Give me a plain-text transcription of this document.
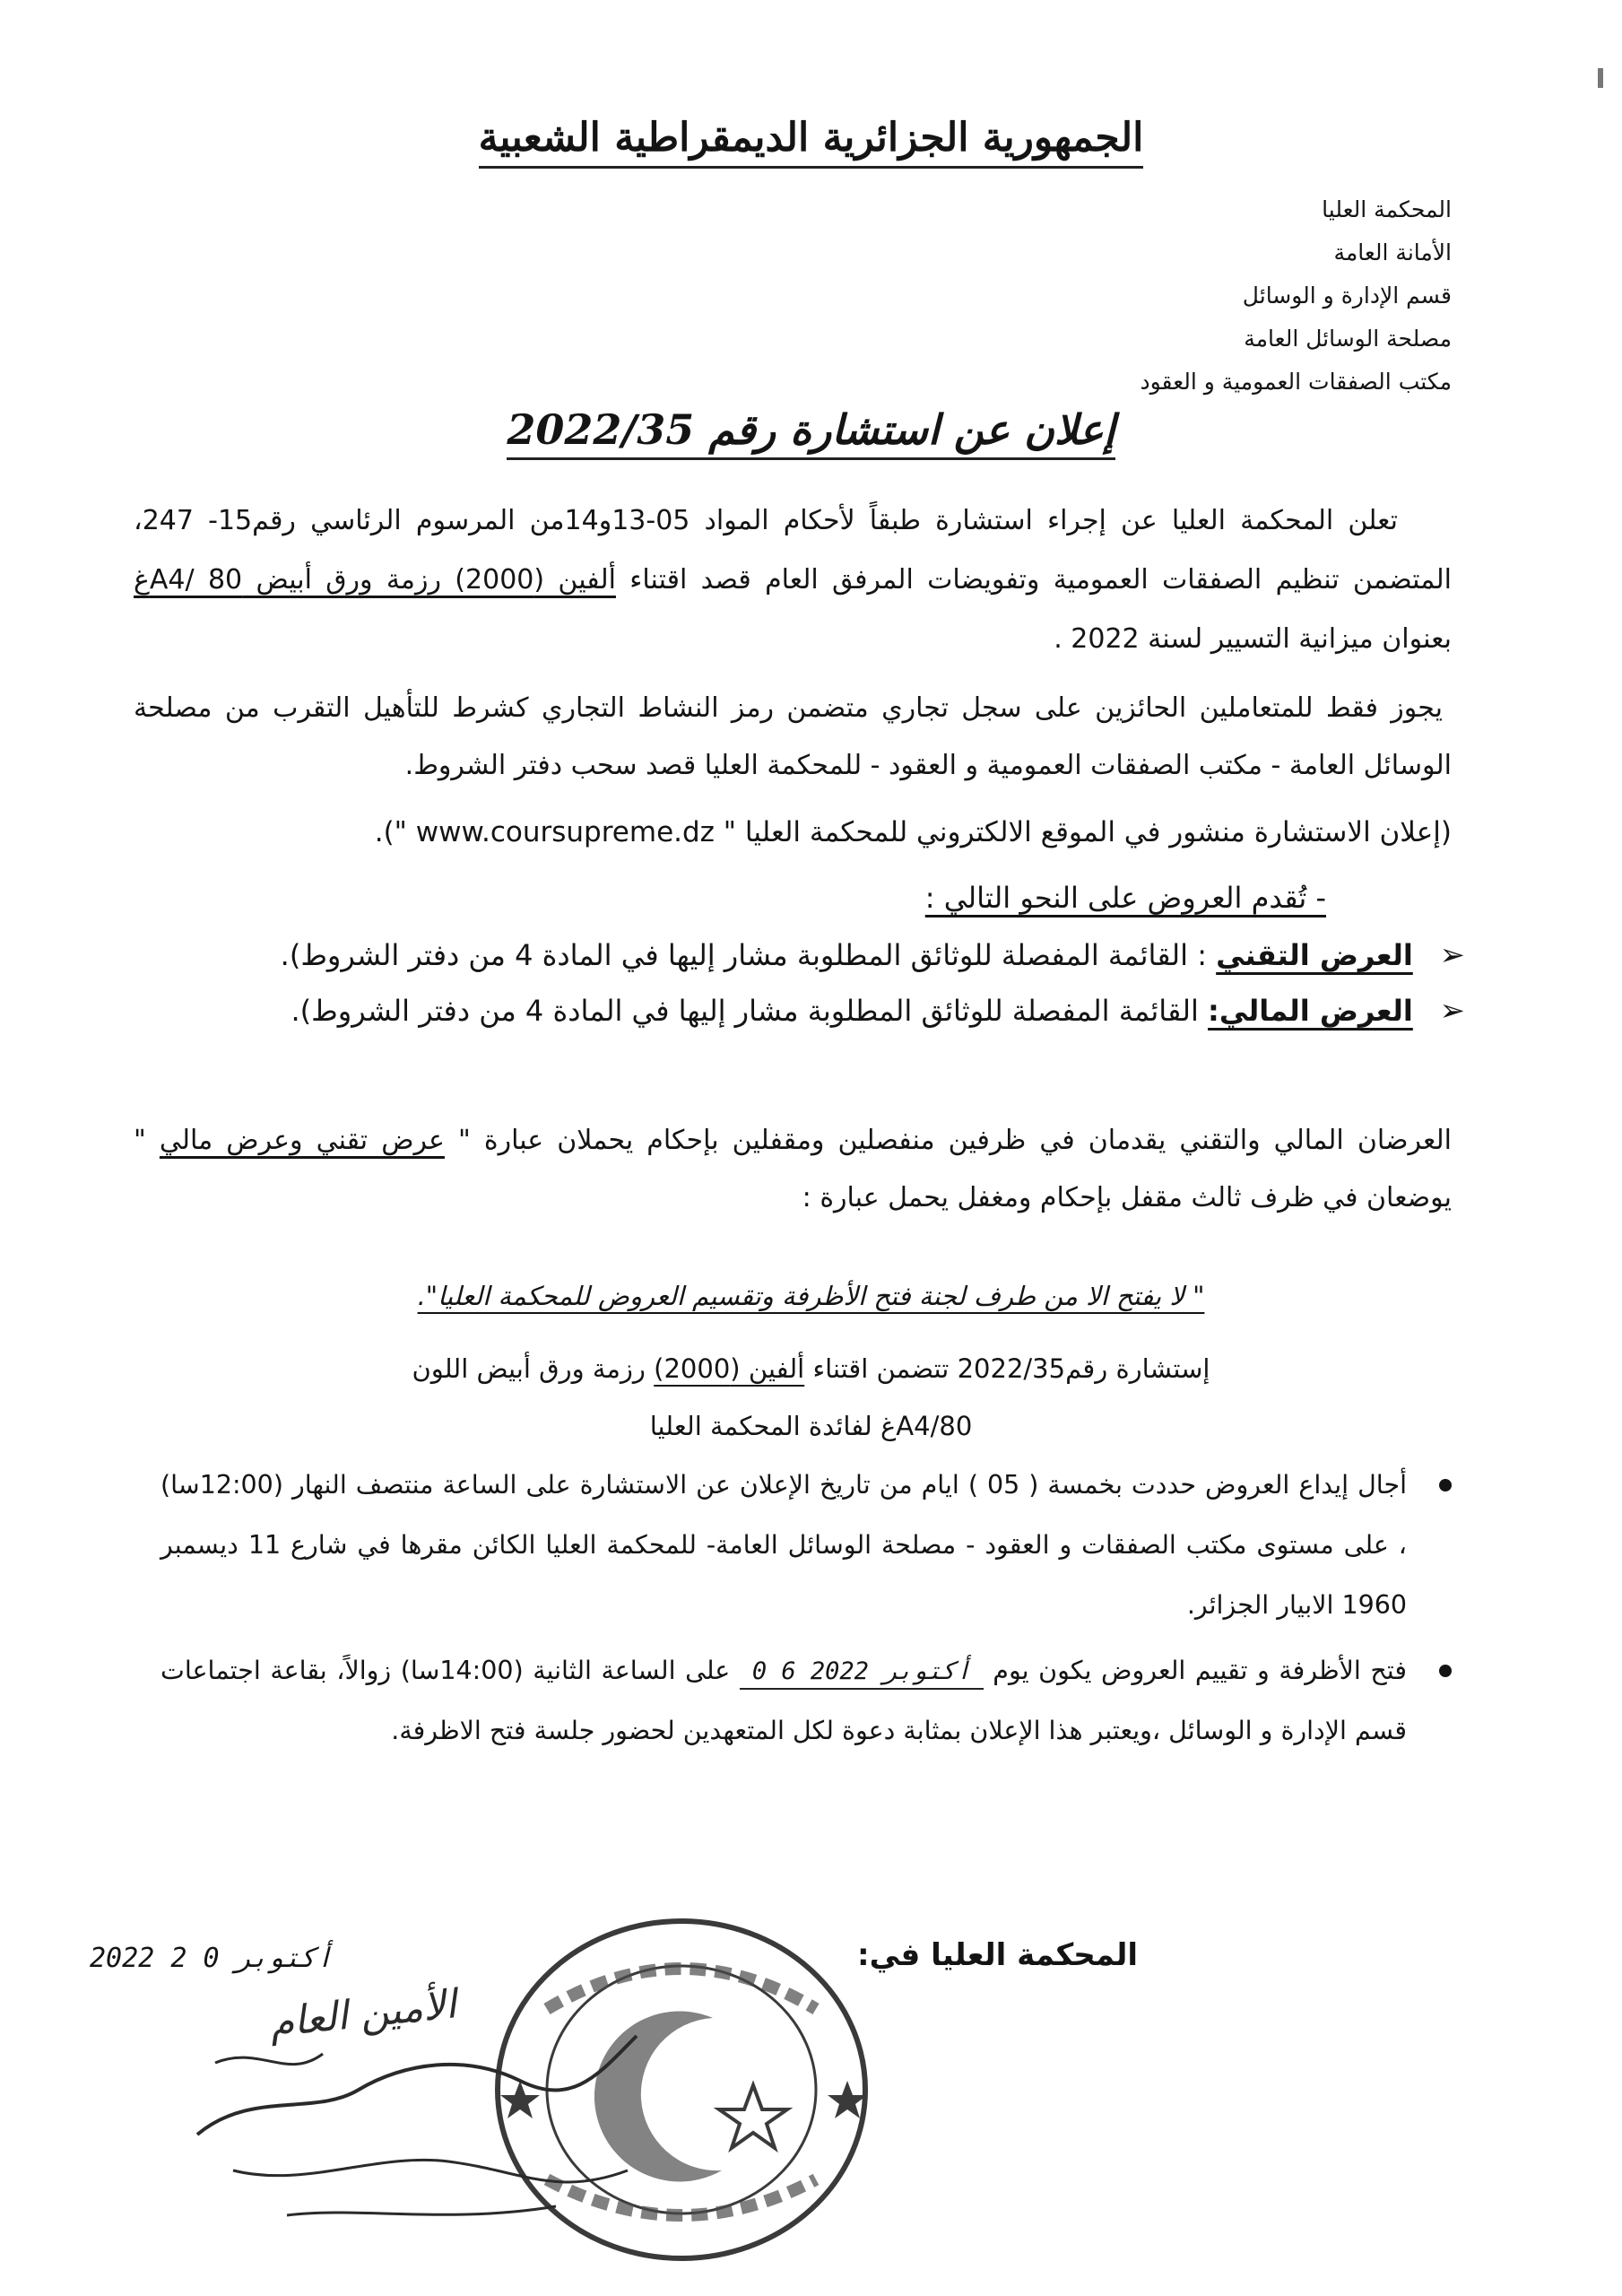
الجمهورية الجزائرية الديمقراطية الشعبية
المحكمة العليا
الأمانة العامة
قسم الإدارة و الوسائل
مصلحة الوسائل العامة
مكتب الصفقات العمومية و العقود
إعلان عن استشارة رقم 2022/35
تعلن المحكمة العليا عن إجراء استشارة طبقاً لأحكام المواد 05-13و14من المرسوم الرئاسي رقم15- 247، المتضمن تنظيم الصفقات العمومية وتفويضات المرفق العام قصد اقتناء ألفين (2000) رزمة ورق أبيض A4/ 80غ بعنوان ميزانية التسيير لسنة 2022 .
يجوز فقط للمتعاملين الحائزين على سجل تجاري متضمن رمز النشاط التجاري كشرط للتأهيل التقرب من مصلحة الوسائل العامة - مكتب الصفقات العمومية و العقود - للمحكمة العليا قصد سحب دفتر الشروط.
(إعلان الاستشارة منشور في الموقع الالكتروني للمحكمة العليا " www.coursupreme.dz ").
- تُقدم العروض على النحو التالي :
➢ العرض التقني : القائمة المفصلة للوثائق المطلوبة مشار إليها في المادة 4 من دفتر الشروط).
➢ العرض المالي: القائمة المفصلة للوثائق المطلوبة مشار إليها في المادة 4 من دفتر الشروط).
العرضان المالي والتقني يقدمان في ظرفين منفصلين ومقفلين بإحكام يحملان عبارة " عرض تقني وعرض مالي " يوضعان في ظرف ثالث مقفل بإحكام ومغفل يحمل عبارة :
" لا يفتح الا من طرف لجنة فتح الأظرفة وتقسيم العروض للمحكمة العليا".
إستشارة رقم2022/35 تتضمن اقتناء ألفين (2000) رزمة ورق أبيض اللون
80/A4غ لفائدة المحكمة العليا
أجال إيداع العروض حددت بخمسة ( 05 ) ايام من تاريخ الإعلان عن الاستشارة على الساعة منتصف النهار (12:00سا) ، على مستوى مكتب الصفقات و العقود - مصلحة الوسائل العامة- للمحكمة العليا الكائن مقرها في شارع 11 ديسمبر 1960 الابيار الجزائر.
فتح الأظرفة و تقييم العروض يكون يوم 0 6 أكتوبر 2022 على الساعة الثانية (14:00سا) زوالاً، بقاعة اجتماعات قسم الإدارة و الوسائل ،ويعتبر هذا الإعلان بمثابة دعوة لكل المتعهدين لحضور جلسة فتح الاظرفة.
المحكمة العليا في:
2022 أكتوبر 0 2
الأمين العام
